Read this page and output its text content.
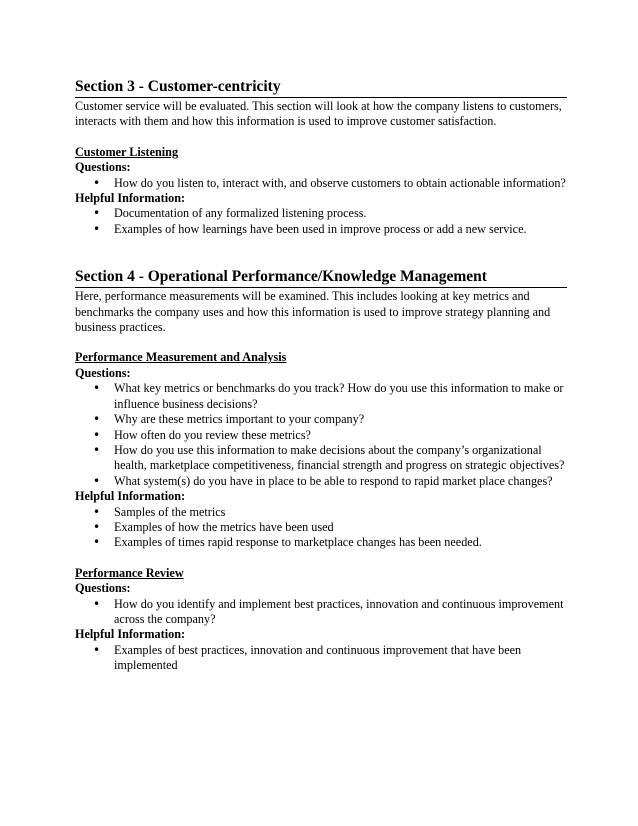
Section 3 - Customer-centricity

Customer service will be evaluated. This section will look at how the company listens to customers, interacts with them and how this information is used to improve customer satisfaction.

Customer Listening

Questions:

• How do you listen to, interact with, and observe customers to obtain actionable information?

Helpful Information:

• Documentation of any formalized listening process.
• Examples of how learnings have been used in improve process or add a new service.
Section 4 - Operational Performance/Knowledge Management

Here, performance measurements will be examined. This includes looking at key metrics and benchmarks the company uses and how this information is used to improve strategy planning and business practices.

Performance Measurement and Analysis

Questions:

• What key metrics or benchmarks do you track? How do you use this information to make or influence business decisions?
• Why are these metrics important to your company?
• How often do you review these metrics?
• How do you use this information to make decisions about the company’s organizational health, marketplace competitiveness, financial strength and progress on strategic objectives?
• What system(s) do you have in place to be able to respond to rapid market place changes?

Helpful Information:

• Samples of the metrics
• Examples of how the metrics have been used
• Examples of times rapid response to marketplace changes has been needed.

Performance Review

Questions:

• How do you identify and implement best practices, innovation and continuous improvement across the company?

Helpful Information:

• Examples of best practices, innovation and continuous improvement that have been implemented
